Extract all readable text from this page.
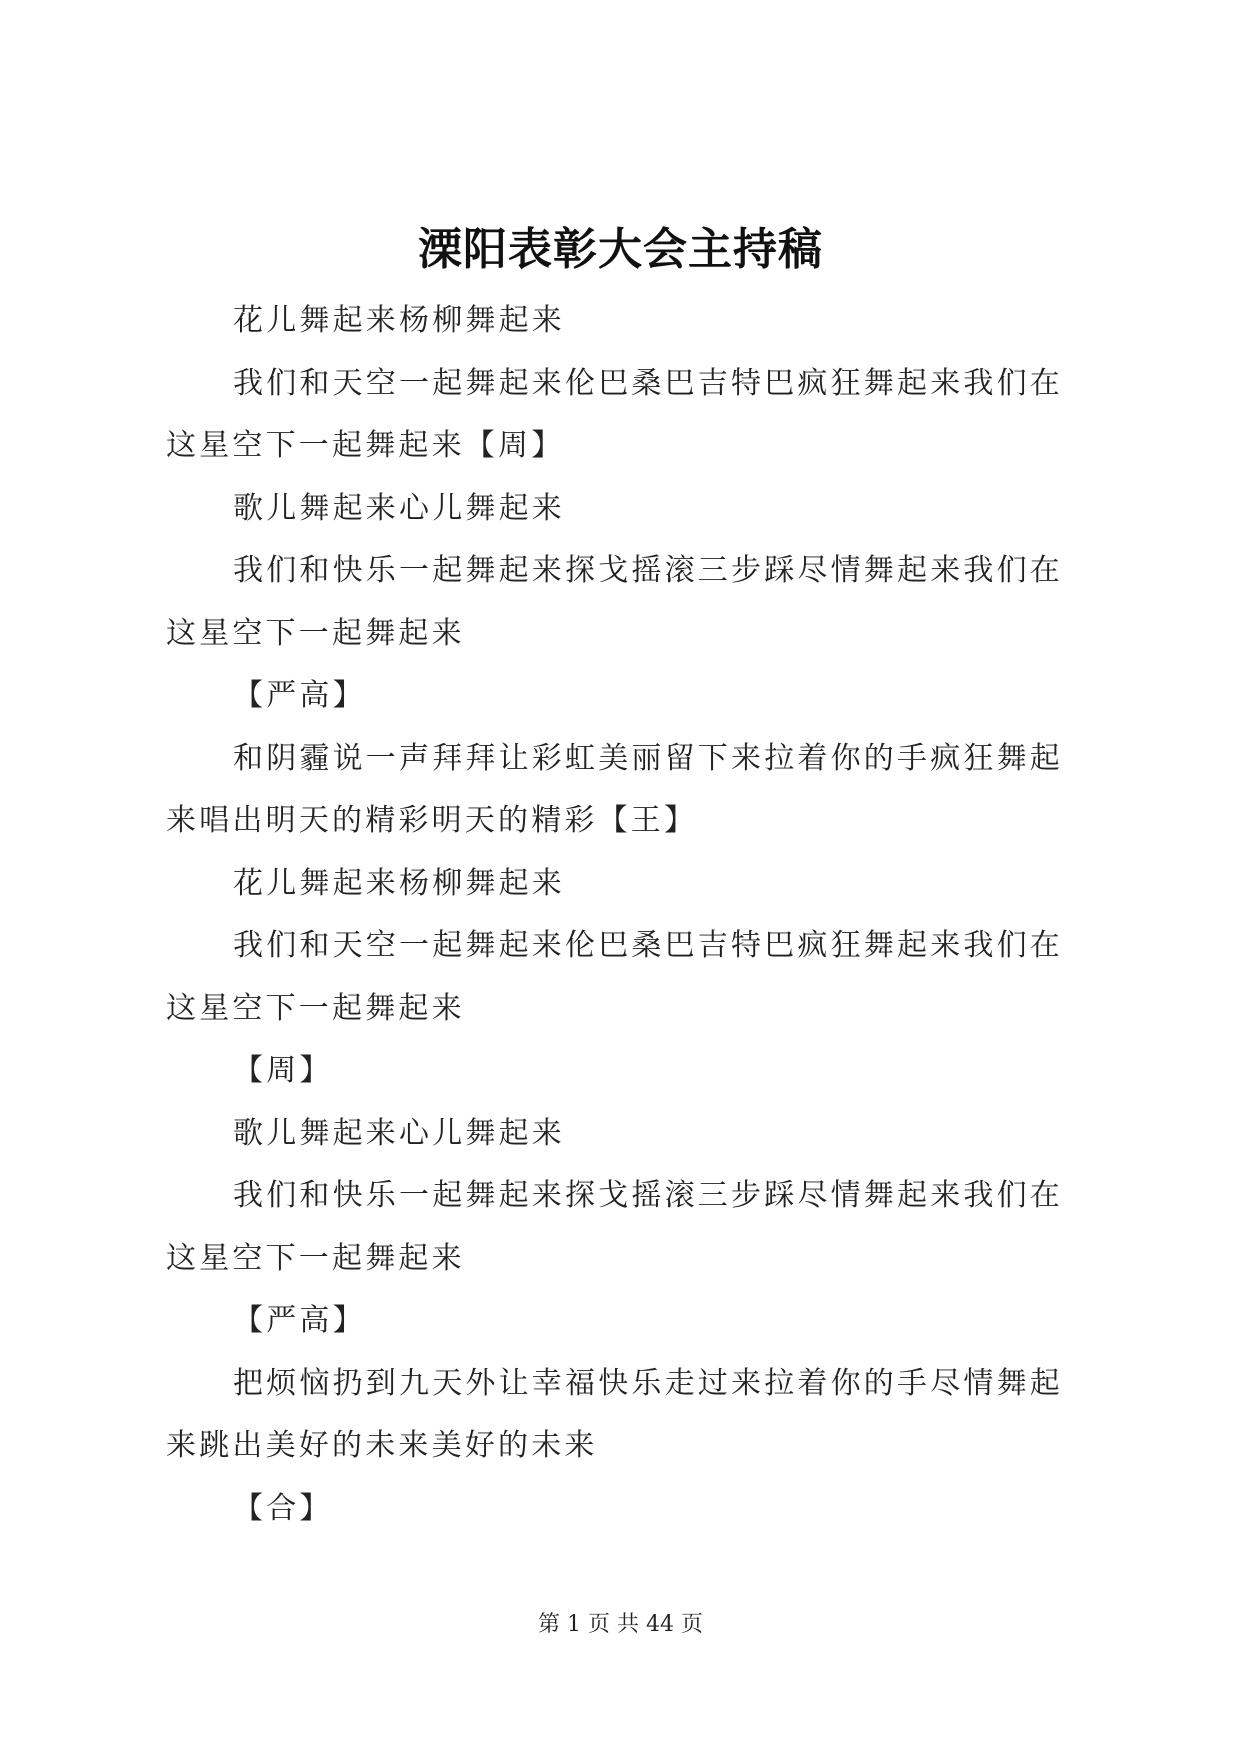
溧阳表彰大会主持稿

花儿舞起来杨柳舞起来

我们和天空一起舞起来伦巴桑巴吉特巴疯狂舞起来我们在这星空下一起舞起来【周】

歌儿舞起来心儿舞起来

我们和快乐一起舞起来探戈摇滚三步踩尽情舞起来我们在这星空下一起舞起来

【严高】

和阴霾说一声拜拜让彩虹美丽留下来拉着你的手疯狂舞起来唱出明天的精彩明天的精彩【王】

花儿舞起来杨柳舞起来

我们和天空一起舞起来伦巴桑巴吉特巴疯狂舞起来我们在这星空下一起舞起来

【周】

歌儿舞起来心儿舞起来

我们和快乐一起舞起来探戈摇滚三步踩尽情舞起来我们在这星空下一起舞起来

【严高】

把烦恼扔到九天外让幸福快乐走过来拉着你的手尽情舞起来跳出美好的未来美好的未来

【合】

第 1 页 共 44 页
